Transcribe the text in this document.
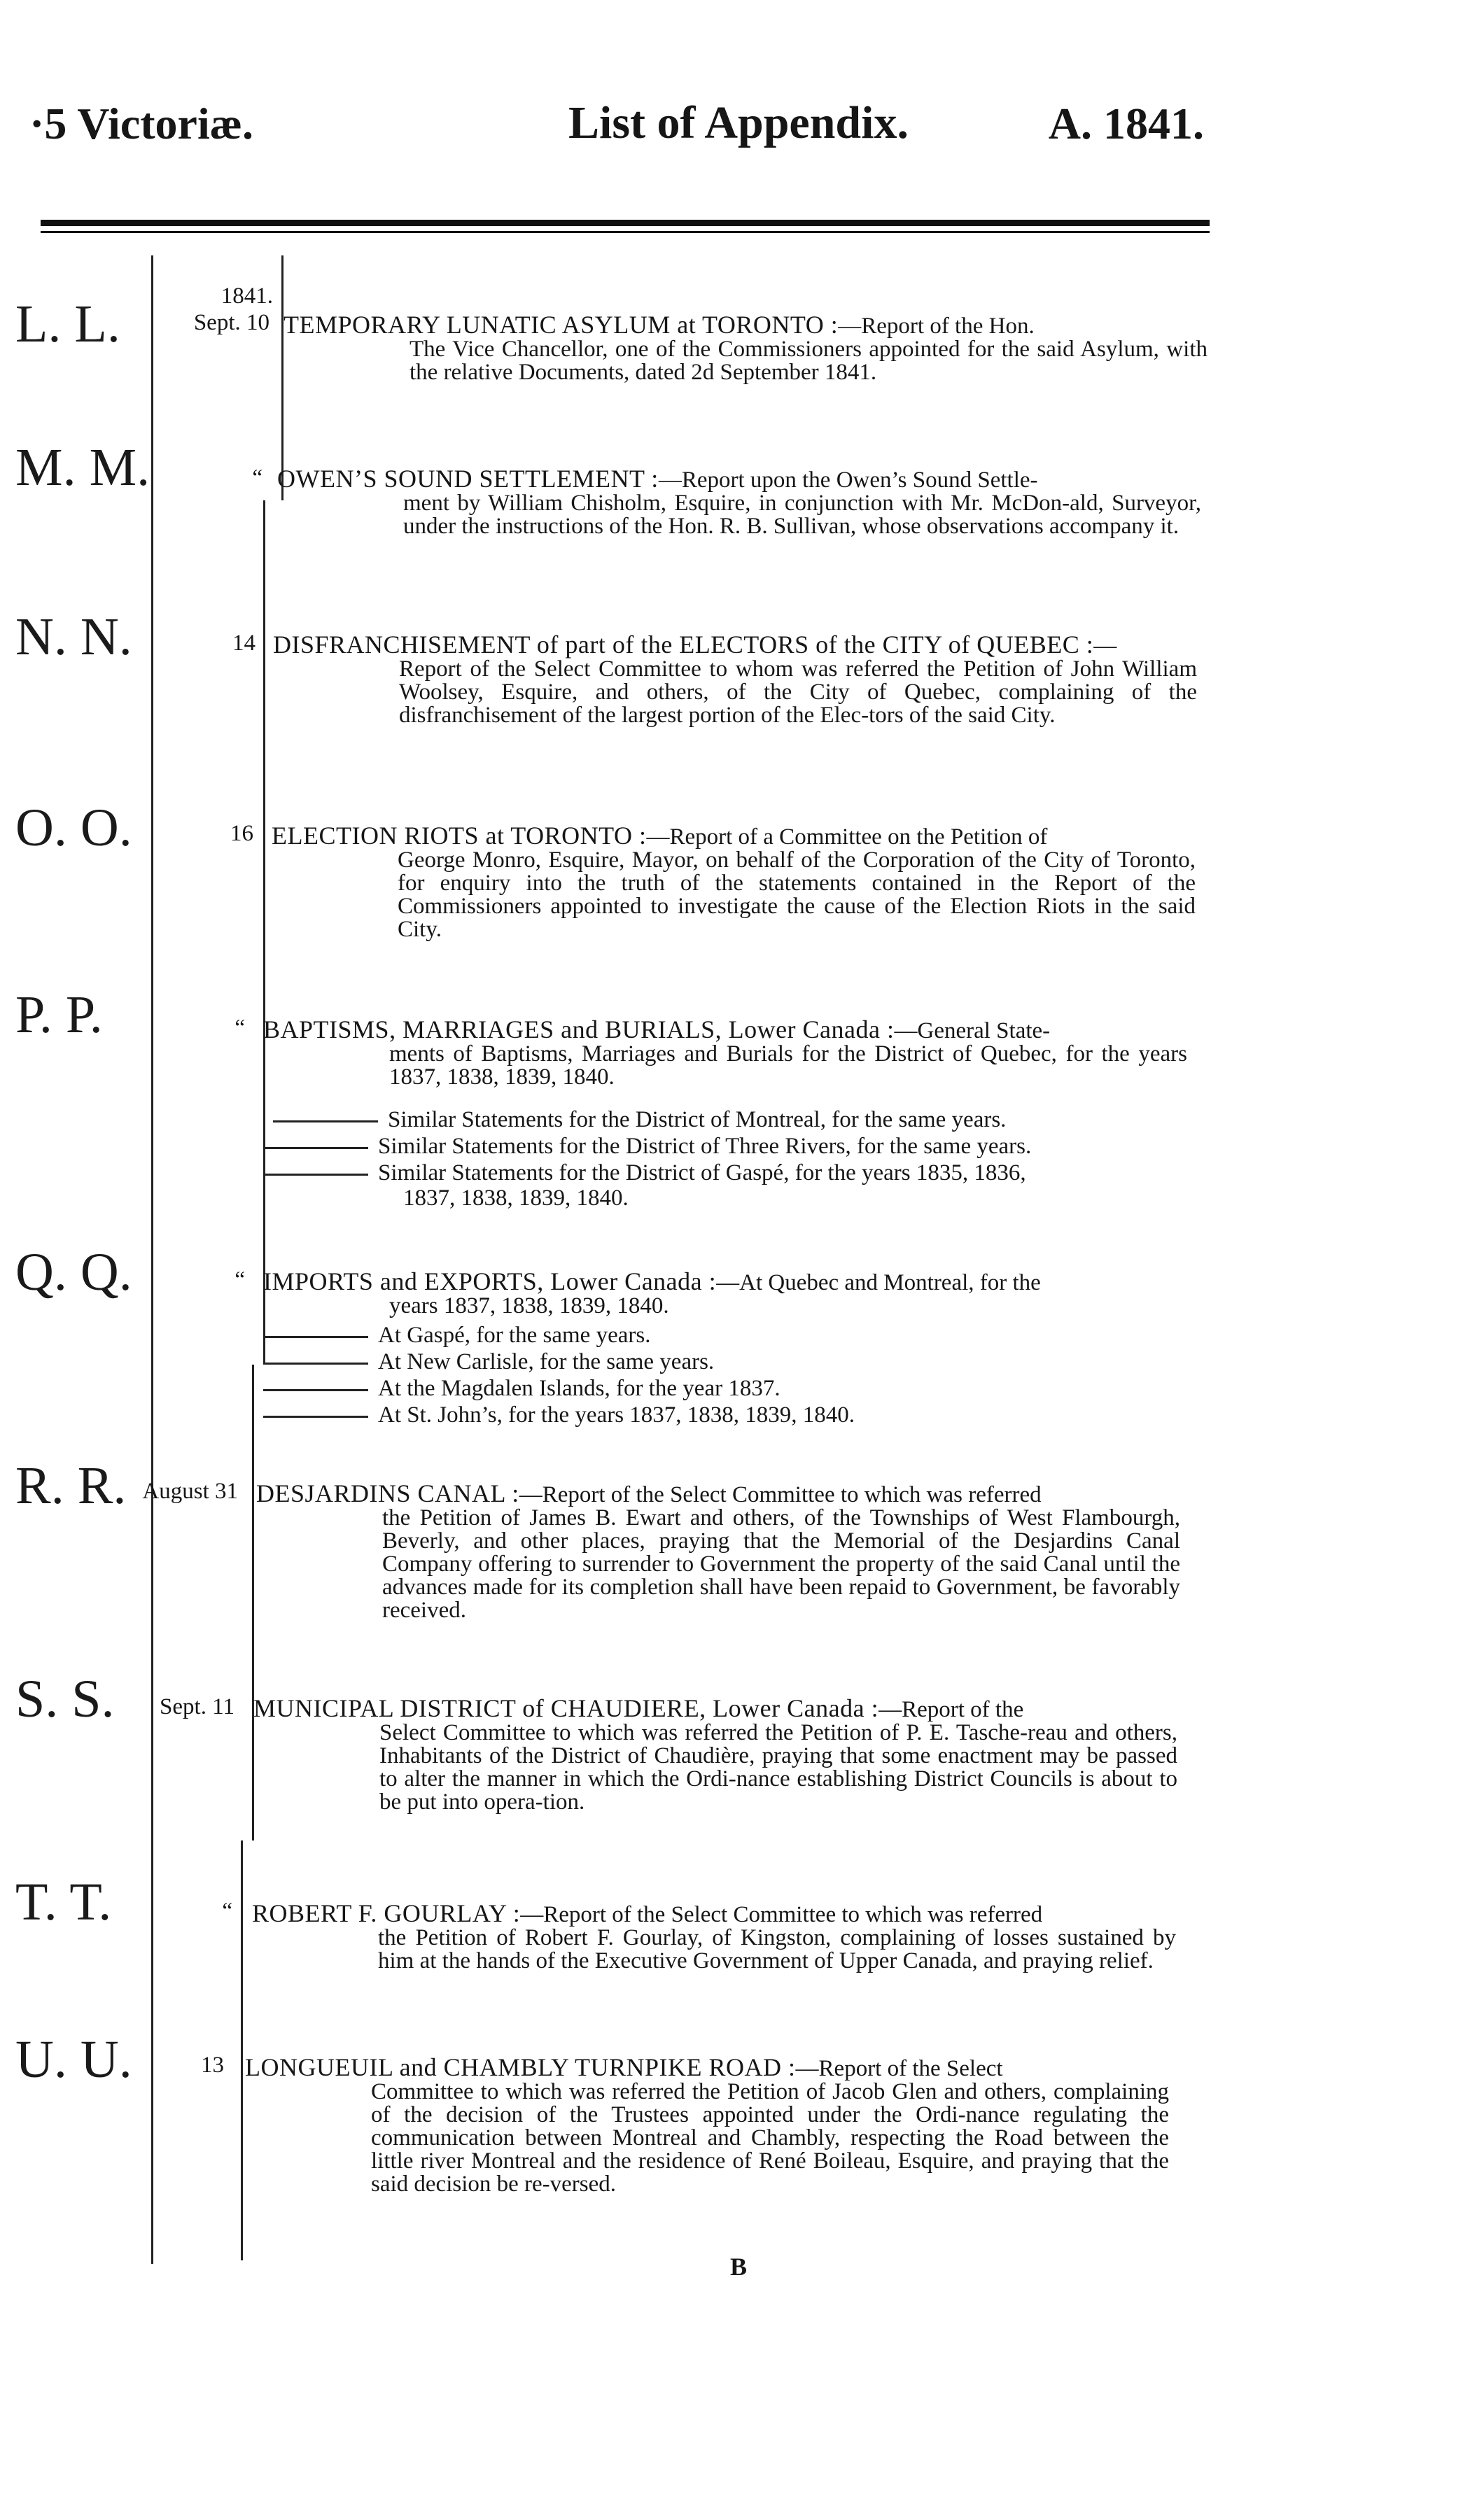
·5 Victoriæ.	List of Appendix.	A. 1841.
L. L.	1841.
Sept. 10 TEMPORARY LUNATIC ASYLUM at TORONTO :—Report of the Hon.
The Vice Chancellor, one of the Commissioners appointed for the said Asylum, with the relative Documents, dated 2d September 1841.
M. M.	“ OWEN’S SOUND SETTLEMENT :—Report upon the Owen’s Sound Settle-
ment by William Chisholm, Esquire, in conjunction with Mr. McDon-ald, Surveyor, under the instructions of the Hon. R. B. Sullivan, whose observations accompany it.
N. N.	14 DISFRANCHISEMENT of part of the ELECTORS of the CITY of QUEBEC :—
Report of the Select Committee to whom was referred the Petition of John William Woolsey, Esquire, and others, of the City of Quebec, complaining of the disfranchisement of the largest portion of the Elec-tors of the said City.
O. O.	16 ELECTION RIOTS at TORONTO :—Report of a Committee on the Petition of
George Monro, Esquire, Mayor, on behalf of the Corporation of the City of Toronto, for enquiry into the truth of the statements contained in the Report of the Commissioners appointed to investigate the cause of the Election Riots in the said City.
P. P.	“ BAPTISMS, MARRIAGES and BURIALS, Lower Canada :—General State-
ments of Baptisms, Marriages and Burials for the District of Quebec, for the years 1837, 1838, 1839, 1840.
Similar Statements for the District of Montreal, for the same years.
Similar Statements for the District of Three Rivers, for the same years.
Similar Statements for the District of Gaspé, for the years 1835, 1836,
1837, 1838, 1839, 1840.
Q. Q.	“ IMPORTS and EXPORTS, Lower Canada :—At Quebec and Montreal, for the
years 1837, 1838, 1839, 1840.
At Gaspé, for the same years.
At New Carlisle, for the same years.
At the Magdalen Islands, for the year 1837.
At St. John’s, for the years 1837, 1838, 1839, 1840.
R. R. August 31 DESJARDINS CANAL :—Report of the Select Committee to which was referred
the Petition of James B. Ewart and others, of the Townships of West Flambourgh, Beverly, and other places, praying that the Memorial of the Desjardins Canal Company offering to surrender to Government the property of the said Canal until the advances made for its completion shall have been repaid to Government, be favorably received.
S. S. Sept. 11 MUNICIPAL DISTRICT of CHAUDIERE, Lower Canada :—Report of the
Select Committee to which was referred the Petition of P. E. Tasche-reau and others, Inhabitants of the District of Chaudière, praying that some enactment may be passed to alter the manner in which the Ordi-nance establishing District Councils is about to be put into opera-tion.
T. T.	“ ROBERT F. GOURLAY :—Report of the Select Committee to which was referred
the Petition of Robert F. Gourlay, of Kingston, complaining of losses sustained by him at the hands of the Executive Government of Upper Canada, and praying relief.
U. U.	13 LONGUEUIL and CHAMBLY TURNPIKE ROAD :—Report of the Select
Committee to which was referred the Petition of Jacob Glen and others, complaining of the decision of the Trustees appointed under the Ordi-nance regulating the communication between Montreal and Chambly, respecting the Road between the little river Montreal and the residence of René Boileau, Esquire, and praying that the said decision be re-versed.
B
